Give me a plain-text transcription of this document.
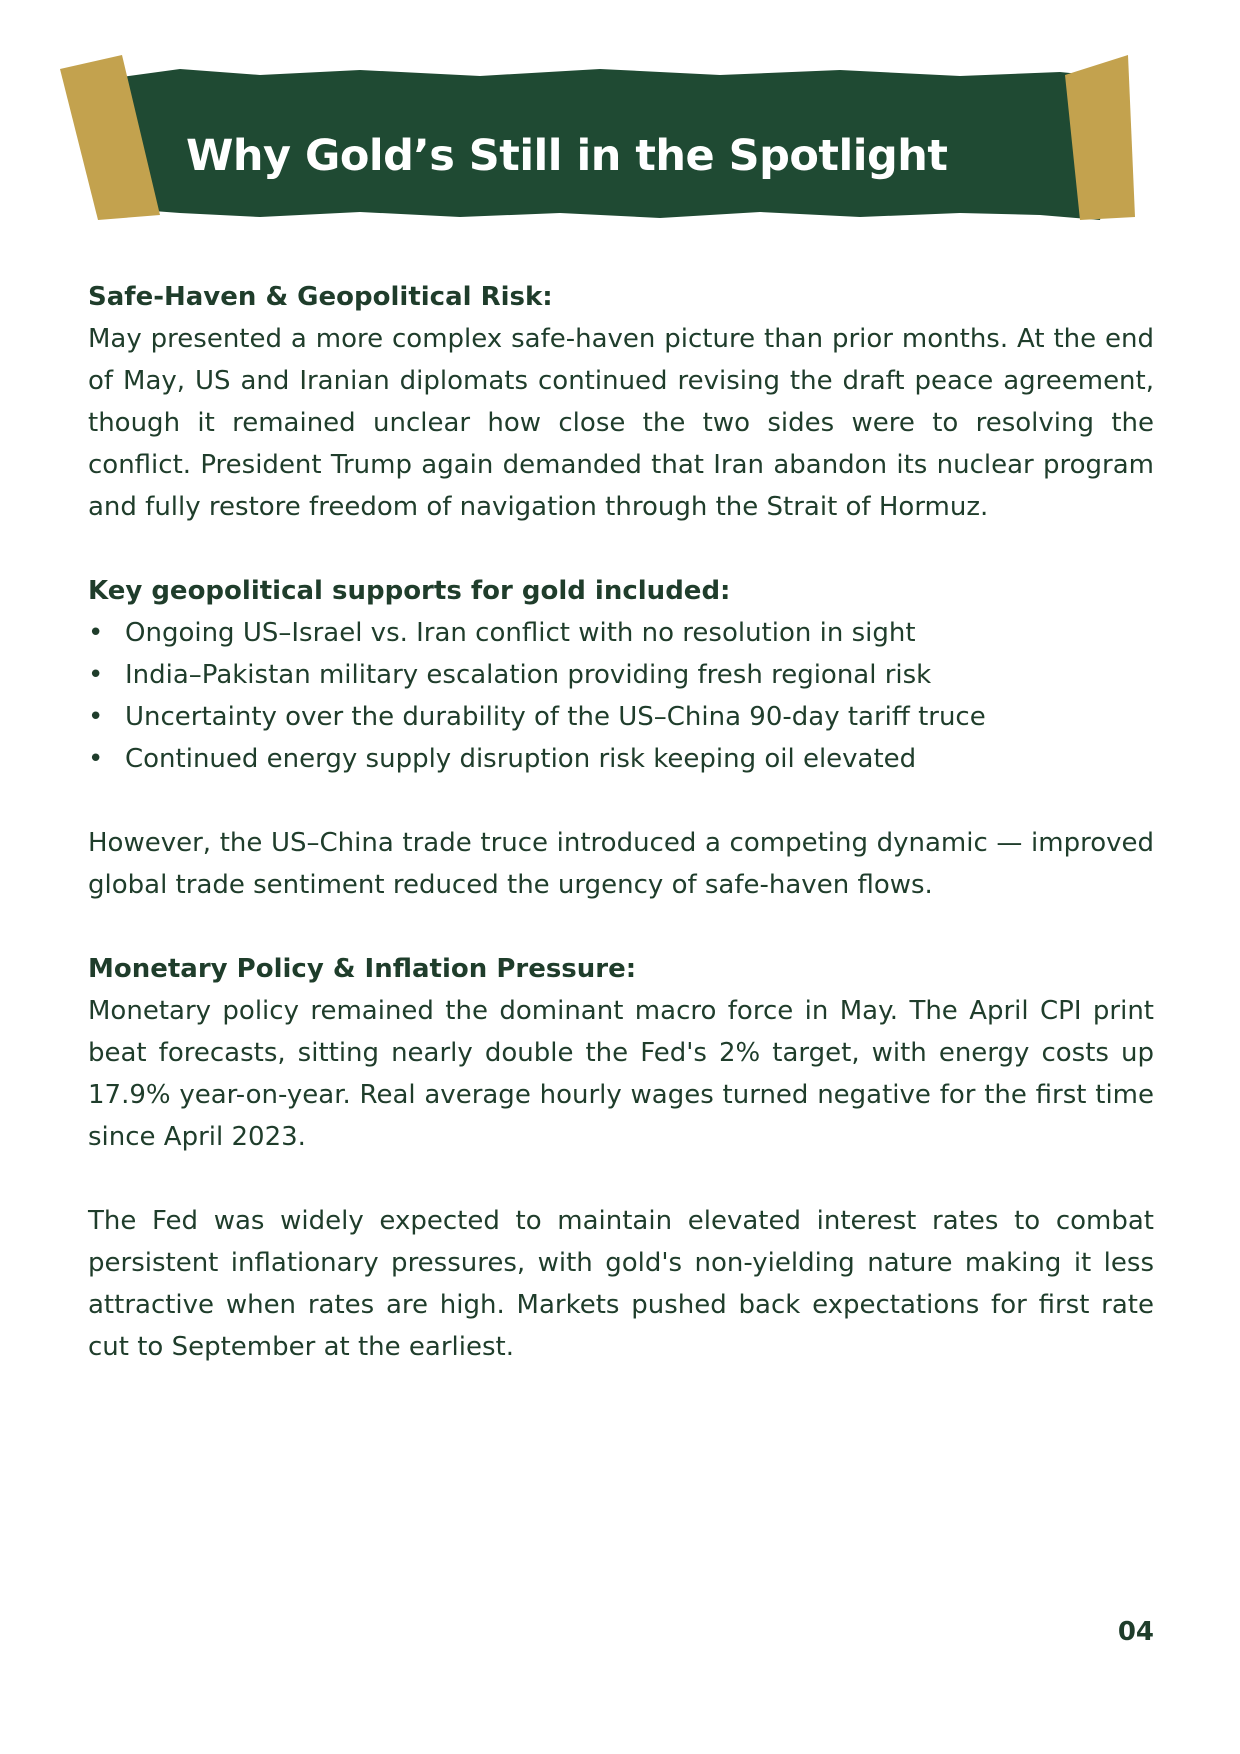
Why Gold’s Still in the Spotlight
Safe-Haven & Geopolitical Risk:

May presented a more complex safe-haven picture than prior months. At the end of May, US and Iranian diplomats continued revising the draft peace agreement, though it remained unclear how close the two sides were to resolving the conflict. President Trump again demanded that Iran abandon its nuclear program and fully restore freedom of navigation through the Strait of Hormuz.

Key geopolitical supports for gold included:
• Ongoing US–Israel vs. Iran conflict with no resolution in sight
• India–Pakistan military escalation providing fresh regional risk
• Uncertainty over the durability of the US–China 90-day tariff truce
• Continued energy supply disruption risk keeping oil elevated

However, the US–China trade truce introduced a competing dynamic — improved global trade sentiment reduced the urgency of safe-haven flows.

Monetary Policy & Inflation Pressure:

Monetary policy remained the dominant macro force in May. The April CPI print beat forecasts, sitting nearly double the Fed's 2% target, with energy costs up 17.9% year-on-year. Real average hourly wages turned negative for the first time since April 2023.

The Fed was widely expected to maintain elevated interest rates to combat persistent inflationary pressures, with gold's non-yielding nature making it less attractive when rates are high. Markets pushed back expectations for first rate cut to September at the earliest.

04
